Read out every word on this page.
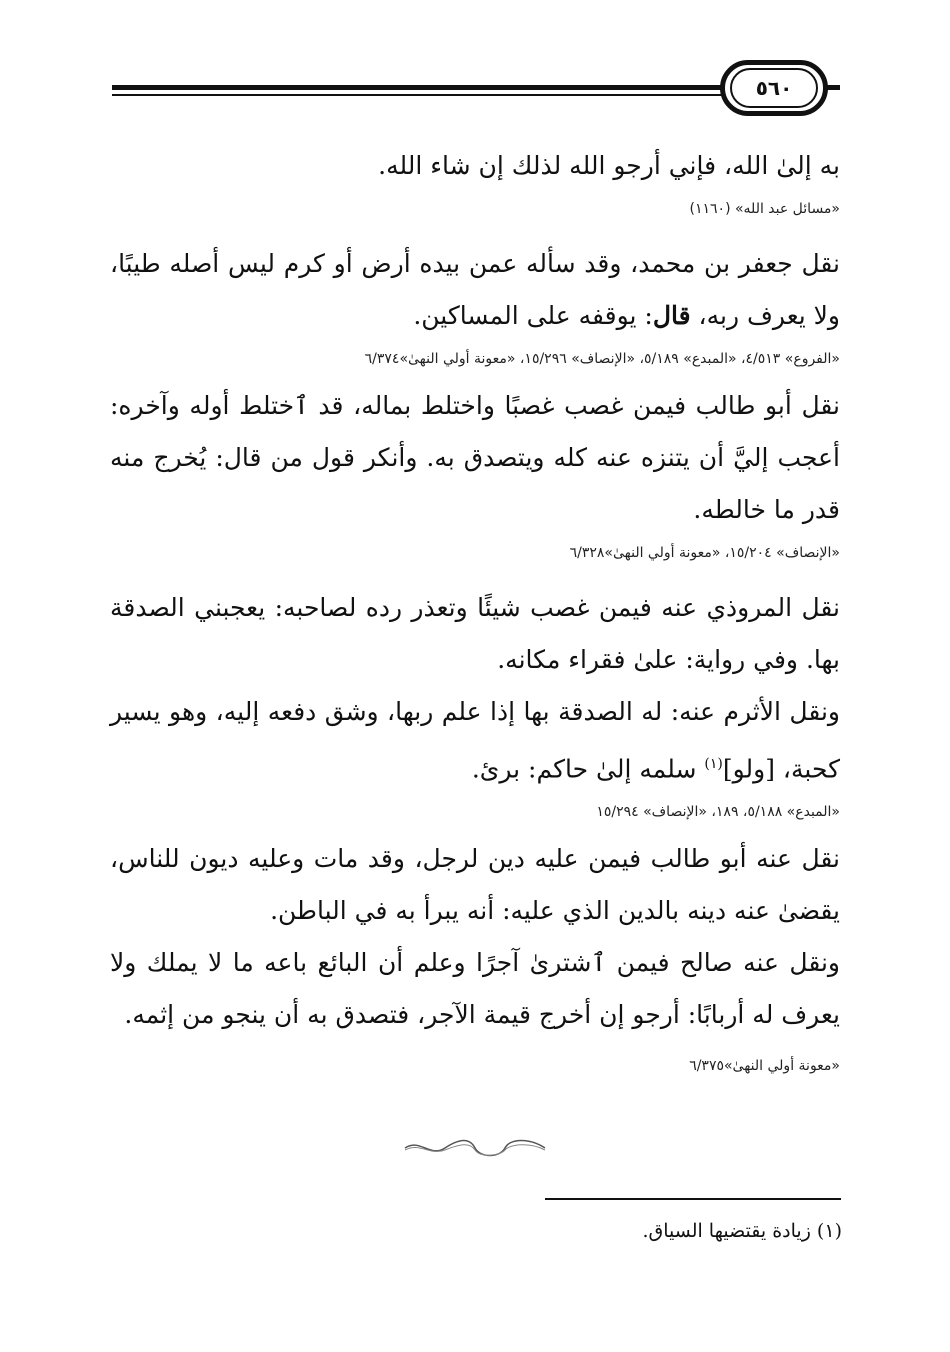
٥٦٠

به إلىٰ الله، فإني أرجو الله لذلك إن شاء الله.

«مسائل عبد الله» (١١٦٠)

نقل جعفر بن محمد، وقد سأله عمن بيده أرض أو كرم ليس أصله طيبًا، ولا يعرف ربه، قال: يوقفه على المساكين.

«الفروع» ٤/٥١٣، «المبدع» ٥/١٨٩، «الإنصاف» ١٥/٢٩٦، «معونة أولي النهىٰ»٦/٣٧٤

نقل أبو طالب فيمن غصب غصبًا واختلط بماله، قد ٱختلط أوله وآخره: أعجب إليَّ أن يتنزه عنه كله ويتصدق به. وأنكر قول من قال: يُخرج منه قدر ما خالطه.

«الإنصاف» ١٥/٢٠٤، «معونة أولي النهىٰ»٦/٣٢٨

نقل المروذي عنه فيمن غصب شيئًا وتعذر رده لصاحبه: يعجبني الصدقة بها. وفي رواية: علىٰ فقراء مكانه.

ونقل الأثرم عنه: له الصدقة بها إذا علم ربها، وشق دفعه إليه، وهو يسير كحبة، [ولو]$^{(١)}$ سلمه إلىٰ حاكم: برئ.

«المبدع» ٥/١٨٨، ١٨٩، «الإنصاف» ١٥/٢٩٤

نقل عنه أبو طالب فيمن عليه دين لرجل، وقد مات وعليه ديون للناس، يقضىٰ عنه دينه بالدين الذي عليه: أنه يبرأ به في الباطن.

ونقل عنه صالح فيمن ٱشترىٰ آجرًا وعلم أن البائع باعه ما لا يملك ولا يعرف له أربابًا: أرجو إن أخرج قيمة الآجر، فتصدق به أن ينجو من إثمه.

«معونة أولي النهىٰ»٦/٣٧٥
(١) زيادة يقتضيها السياق.
